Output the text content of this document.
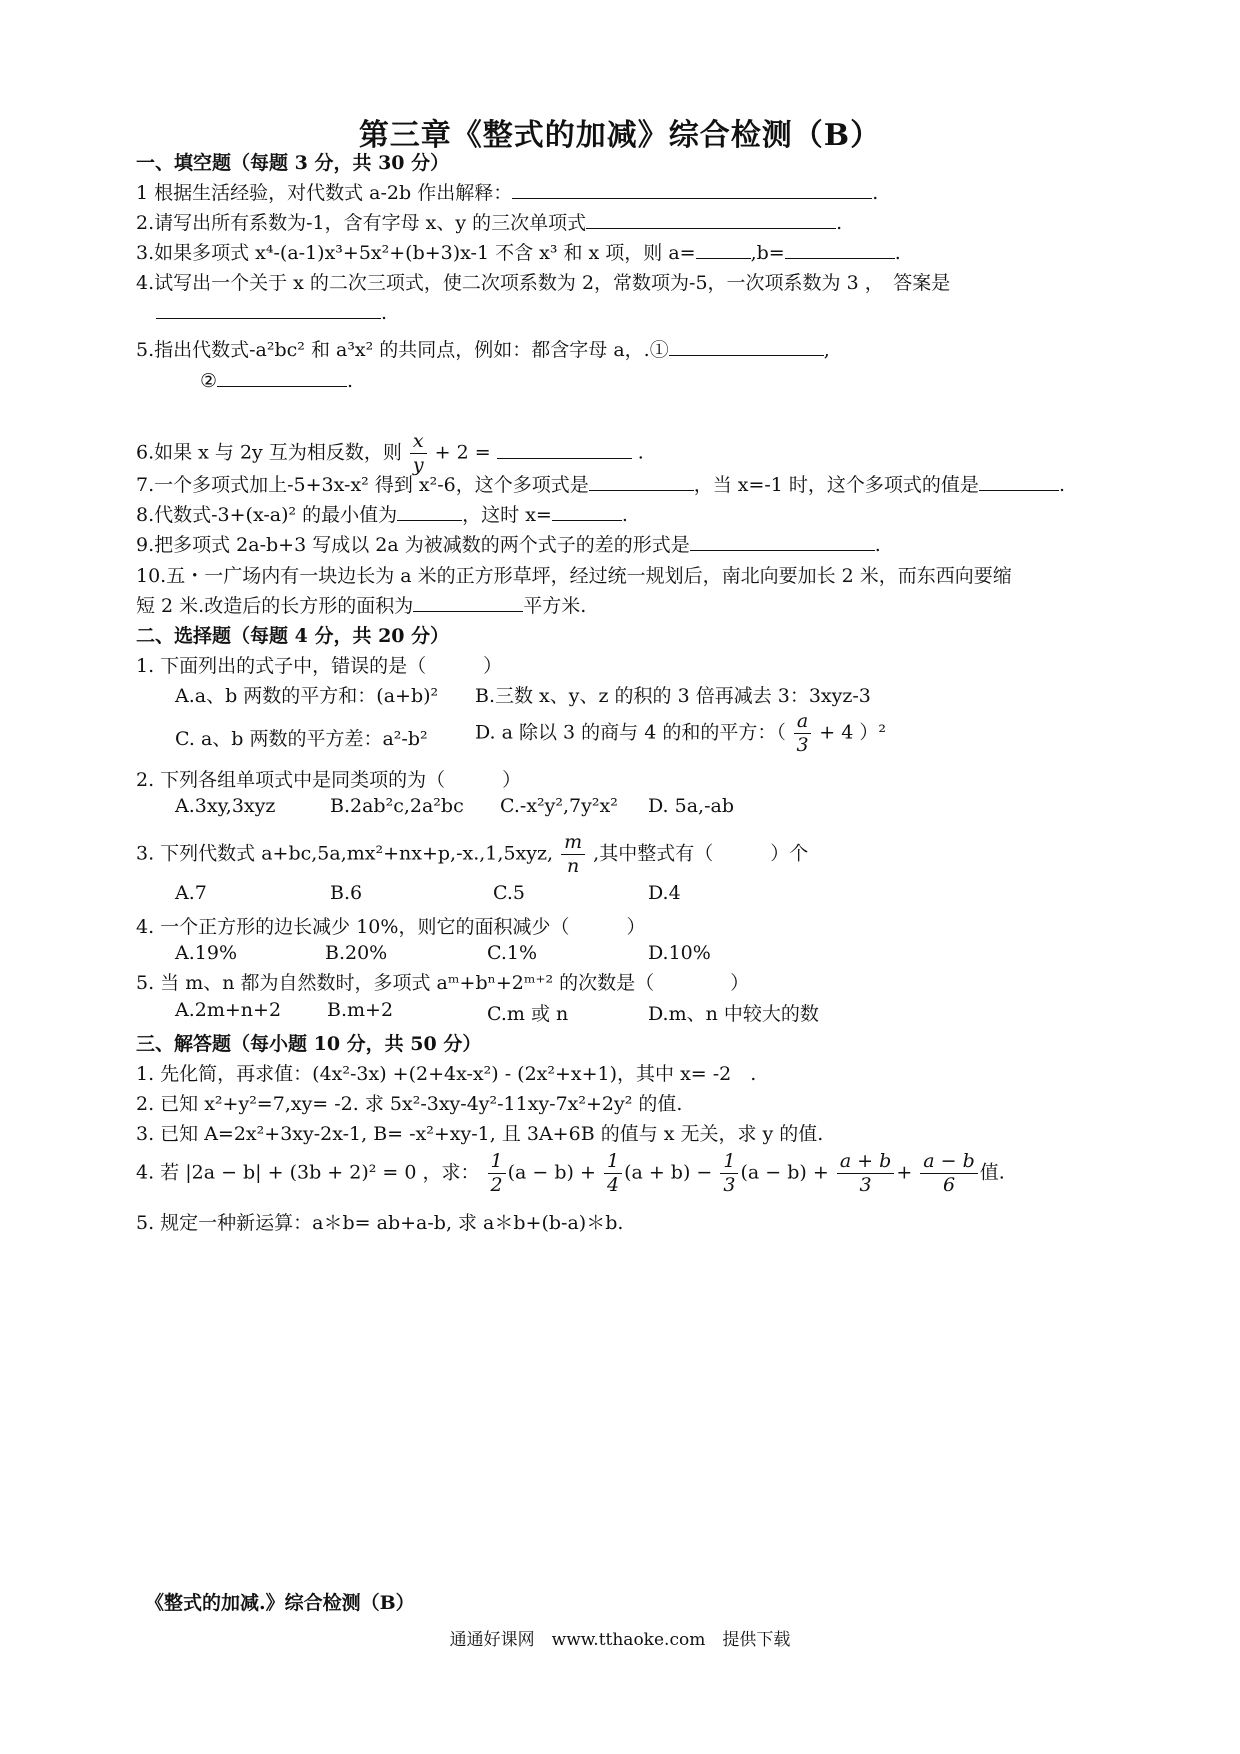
第三章《整式的加减》综合检测（B）
一、填空题（每题 3 分，共 30 分）
1 根据生活经验，对代数式 a-2b 作出解释：	.
2.请写出所有系数为-1，含有字母 x、y 的三次单项式	.
3.如果多项式 x⁴-(a-1)x³+5x²+(b+3)x-1 不含 x³ 和 x 项，则 a=	,b=	.
4.试写出一个关于 x 的二次三项式，使二次项系数为 2，常数项为-5，一次项系数为 3 ，　答案是
.
5.指出代数式-a²bc² 和 a³x² 的共同点，例如：都含字母 a，.①	,
②	.
6.如果 x 与 2y 互为相反数，则 $\frac{x}{y} + 2$ =	.
7.一个多项式加上-5+3x-x² 得到 x²-6，这个多项式是	，当 x=-1 时，这个多项式的值是	.
8.代数式-3+(x-a)² 的最小值为	，这时 x=	.
9.把多项式 2a-b+3 写成以 2a 为被减数的两个式子的差的形式是	.
10.五・一广场内有一块边长为 a 米的正方形草坪，经过统一规划后，南北向要加长 2 米，而东西向要缩
短 2 米.改造后的长方形的面积为	平方米.
二、选择题（每题 4 分，共 20 分）
1. 下面列出的式子中，错误的是（　　　）
A.a、b 两数的平方和：(a+b)² B.三数 x、y、z 的积的 3 倍再减去 3：3xyz-3
C. a、b 两数的平方差：a²-b² D. a 除以 3 的商与 4 的和的平方：（ $\frac{a}{3} + 4$ ）²
2. 下列各组单项式中是同类项的为（　　　）
A.3xy,3xyz	B.2ab²c,2a²bc C.-x²y²,7y²x² D. 5a,-ab
3. 下列代数式 a+bc,5a,mx²+nx+p,-x.,1,5xyz, $\frac{m}{n}$ ,其中整式有（　　　）个
A.7	B.6	C.5	D.4
4. 一个正方形的边长减少 10%，则它的面积减少（　　　）
A.19%	B.20%	C.1%	D.10%
5. 当 m、n 都为自然数时，多项式 aᵐ+bⁿ+2ᵐ⁺² 的次数是（　　　　）
A.2m+n+2 B.m+2	C.m 或 n	D.m、n 中较大的数
三、解答题（每小题 10 分，共 50 分）
1. 先化简，再求值：(4x²-3x) +(2+4x-x²) - (2x²+x+1)，其中 x= -2　.
2. 已知 x²+y²=7,xy= -2. 求 5x²-3xy-4y²-11xy-7x²+2y² 的值.
3. 已知 A=2x²+3xy-2x-1, B= -x²+xy-1, 且 3A+6B 的值与 x 无关，求 y 的值.
4. 若 |2a − b| + (3b + 2)² = 0 ，求： $\frac{1}{2} (a - b) + \frac{1}{4} (a + b) - \frac{1}{3} (a - b) + \frac{a + b}{3} + \frac{a - b}{6}$ 值.
5. 规定一种新运算：a＊b= ab+a-b, 求 a＊b+(b-a)＊b.
《整式的加减.》综合检测（B）
通通好课网　www.tthaoke.com　提供下载
